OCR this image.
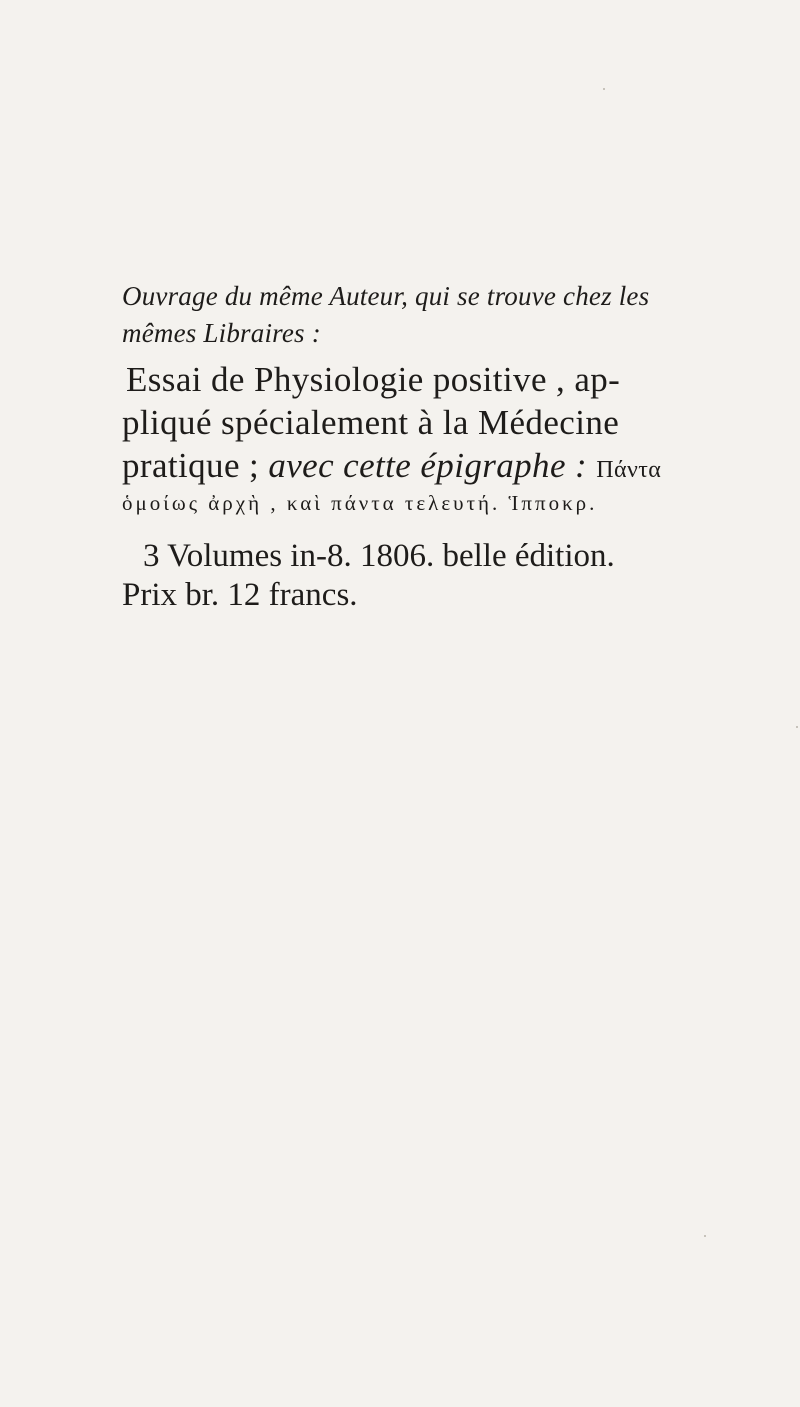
Ouvrage du même Auteur, qui se trouve chez les
mêmes Libraires :
Essai de Physiologie positive , ap-
pliqué spécialement à la Médecine
pratique ; avec cette épigraphe : Πάντα
ὁμοίως ἀρχὴ , καὶ πάντα τελευτή. Ἱπποκρ.
3 Volumes in-8. 1806. belle édition.
Prix br. 12 francs.
